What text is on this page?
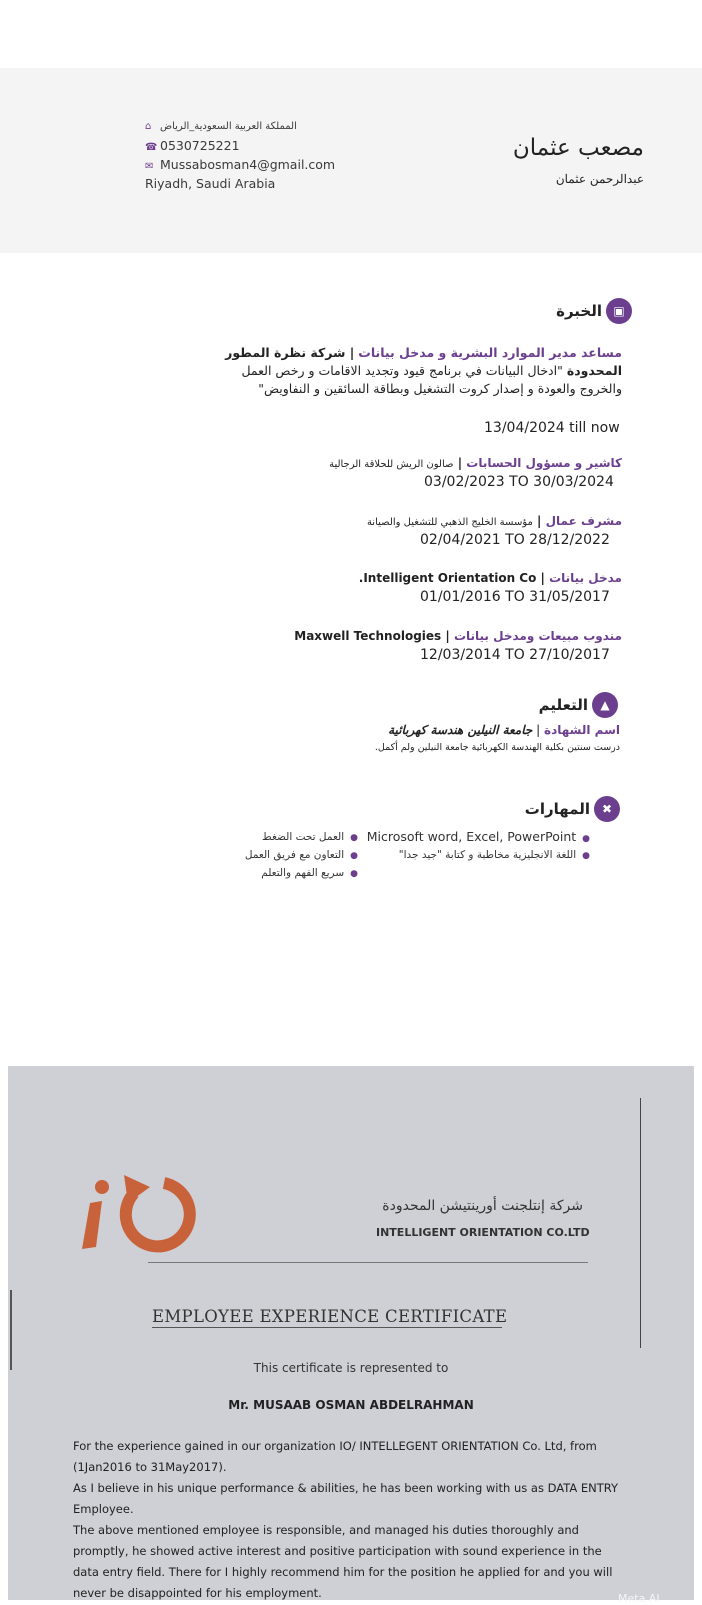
⌂ المملكة العربية السعودية_الرياض
☎ 0530725221
✉ Mussabosman4@gmail.com
Riyadh, Saudi Arabia
مصعب عثمان
عبدالرحمن عثمان
▣
الخبرة
مساعد مدير الموارد البشرية و مدخل بيانات | شركة نظرة المطور المحدودة "ادخال البيانات في برنامج قيود وتجديد الاقامات و رخص العمل والخروج والعودة و إصدار كروت التشغيل وبطاقة السائقين و النفاويض"
13/04/2024 till now
كاشير و مسؤول الحسابات | صالون الريش للحلاقة الرجالية
03/02/2023 TO 30/03/2024
مشرف عمال | مؤسسة الخليج الذهبي للتشغيل والصيانة
02/04/2021 TO 28/12/2022
مدخل بيانات | Intelligent Orientation Co.
01/01/2016 TO 31/05/2017
مندوب مبيعات ومدخل بيانات | Maxwell Technologies
12/03/2014 TO 27/10/2017
▲
التعليم
اسم الشهادة | جامعة النيلين هندسة كهربائية
درست سنتين بكلية الهندسة الكهربائية جامعة النيلين ولم أكمل.
✖
المهارات
●Microsoft word, Excel, PowerPoint
●اللغة الانجليزية مخاطبة و كتابة "جيد جدا"
●العمل تحت الضغط
●التعاون مع فريق العمل
●سريع الفهم والتعلم
شركة إنتلجنت أورينتيشن المحدودة
INTELLIGENT ORIENTATION CO.LTD
EMPLOYEE EXPERIENCE CERTIFICATE
This certificate is represented to
Mr. MUSAAB OSMAN ABDELRAHMAN
For the experience gained in our organization IO/ INTELLEGENT ORIENTATION Co. Ltd, from (1Jan2016 to 31May2017).
As I believe in his unique performance & abilities, he has been working with us as DATA ENTRY Employee.
The above mentioned employee is responsible, and managed his duties thoroughly and promptly, he showed active interest and positive participation with sound experience in the data entry field. There for I highly recommend him for the position he applied for and you will never be disappointed for his employment.	Meta AI
